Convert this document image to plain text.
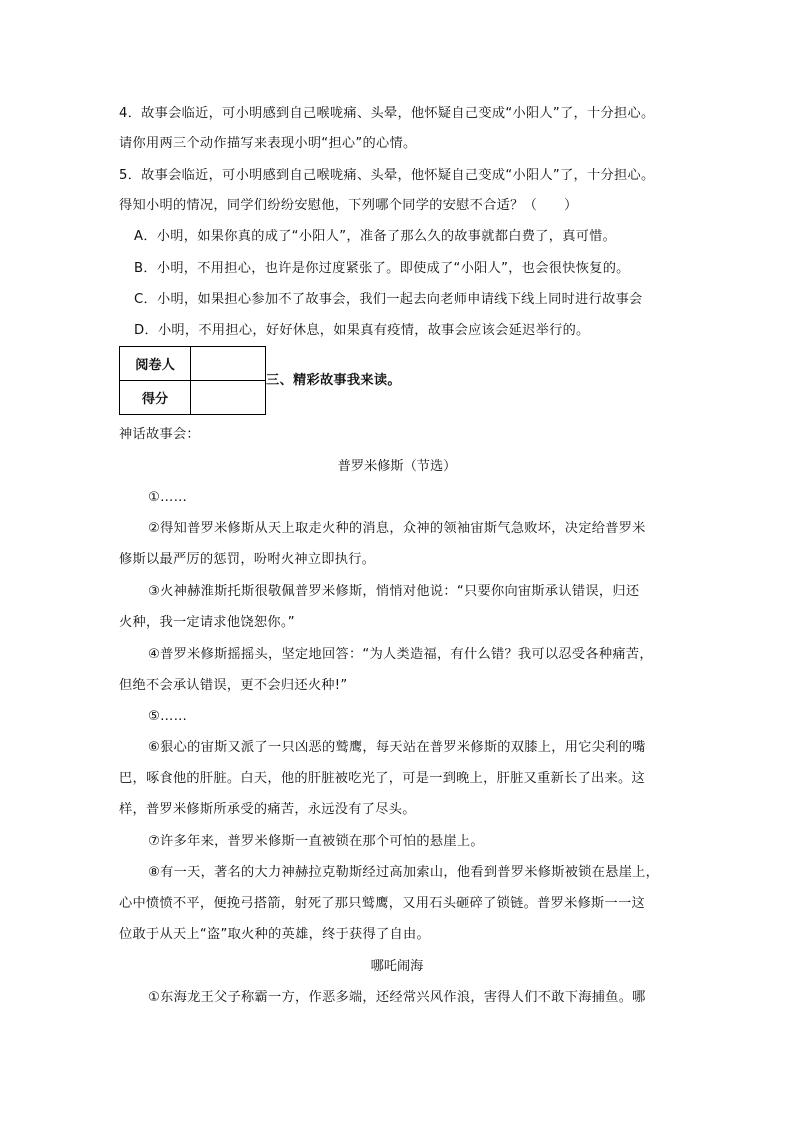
4．故事会临近，可小明感到自己喉咙痛、头晕，他怀疑自己变成“小阳人”了，十分担心。
请你用两三个动作描写来表现小明“担心”的心情。
5．故事会临近，可小明感到自己喉咙痛、头晕，他怀疑自己变成“小阳人”了，十分担心。
得知小明的情况，同学们纷纷安慰他，下列哪个同学的安慰不合适？（　　）
A．小明，如果你真的成了“小阳人”，准备了那么久的故事就都白费了，真可惜。
B．小明，不用担心，也许是你过度紧张了。即使成了“小阳人”，也会很快恢复的。
C．小明，如果担心参加不了故事会，我们一起去向老师申请线下线上同时进行故事会
D．小明，不用担心，好好休息，如果真有疫情，故事会应该会延迟举行的。
阅卷人	
得分	
三、精彩故事我来读。
神话故事会：
普罗米修斯（节选）
①……
②得知普罗米修斯从天上取走火种的消息，众神的领袖宙斯气急败坏，决定给普罗米
修斯以最严厉的惩罚，吩咐火神立即执行。
③火神赫淮斯托斯很敬佩普罗米修斯，悄悄对他说：“只要你向宙斯承认错误，归还
火种，我一定请求他饶恕你。”
④普罗米修斯摇摇头，坚定地回答：“为人类造福，有什么错？我可以忍受各种痛苦，
但绝不会承认错误，更不会归还火种!”
⑤……
⑥狠心的宙斯又派了一只凶恶的鹫鹰，每天站在普罗米修斯的双膝上，用它尖利的嘴
巴，啄食他的肝脏。白天，他的肝脏被吃光了，可是一到晚上，肝脏又重新长了出来。这
样，普罗米修斯所承受的痛苦，永远没有了尽头。
⑦许多年来，普罗米修斯一直被锁在那个可怕的悬崖上。
⑧有一天，著名的大力神赫拉克勒斯经过高加索山，他看到普罗米修斯被锁在悬崖上，
心中愤愤不平，便挽弓搭箭，射死了那只鹫鹰，又用石头砸碎了锁链。普罗米修斯一一这
位敢于从天上“盗”取火种的英雄，终于获得了自由。
哪吒闹海
①东海龙王父子称霸一方，作恶多端，还经常兴风作浪，害得人们不敢下海捕鱼。哪
